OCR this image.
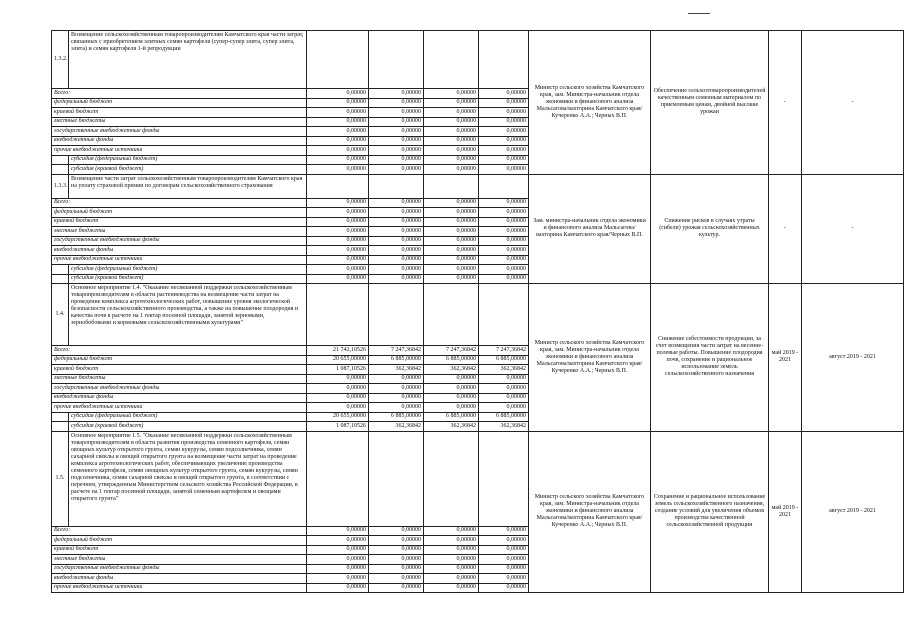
1.3.2.	Возмещение сельскохозяйственным товаропроизводителям Камчатского края части затрат, связанных с приобретением элитных семян картофеля (супер-супер элита, супер элита, элита) и семян картофеля 1-й репродукции					Министр сельского хозяйства Камчатского края, зам. Министра-начальник отдела экономики и финансового анализа Мальсагова/вахторина Камчатского края/Кучеренко А.А.; Черных В.П.	Обеспечение сельхозтоваропроизводителей качественным семенным материалом по приемлемым ценам, двойной высокие урожаи	-	-
Всего:		0,00000	0,00000	0,00000	0,00000				
федеральный бюджет		0,00000	0,00000	0,00000	0,00000				
краевой бюджет		0,00000	0,00000	0,00000	0,00000				
местные бюджеты		0,00000	0,00000	0,00000	0,00000				
государственные внебюджетные фонды		0,00000	0,00000	0,00000	0,00000				
внебюджетные фонды		0,00000	0,00000	0,00000	0,00000				
прочие внебюджетные источники		0,00000	0,00000	0,00000	0,00000				
	субсидия (федеральный бюджет)	0,00000	0,00000	0,00000	0,00000				
	субсидия (краевой бюджет)	0,00000	0,00000	0,00000	0,00000				
1.3.3.	Возмещение части затрат сельскохозяйственным товаропроизводителям Камчатского края на уплату страховой премии по договорам сельскохозяйственного страхования					Зам. министра-начальник отдела экономики и финансового анализа Мальсагова/вахторина Камчатского края/Черных В.П.	Снижение рисков в случаях утраты (гибели) урожая сельскохозяйственных культур.	-	-
Всего:		0,00000	0,00000	0,00000	0,00000				
федеральный бюджет		0,00000	0,00000	0,00000	0,00000				
краевой бюджет		0,00000	0,00000	0,00000	0,00000				
местные бюджеты		0,00000	0,00000	0,00000	0,00000				
государственные внебюджетные фонды		0,00000	0,00000	0,00000	0,00000				
внебюджетные фонды		0,00000	0,00000	0,00000	0,00000				
прочие внебюджетные источники		0,00000	0,00000	0,00000	0,00000				
	субсидия (федеральный бюджет)	0,00000	0,00000	0,00000	0,00000				
	субсидия (краевой бюджет)	0,00000	0,00000	0,00000	0,00000				
1.4.	Основное мероприятие 1.4. "Оказание несвязанной поддержки сельскохозяйственным товаропроизводителям в области растениеводства на возмещение части затрат на проведение комплекса агротехнологических работ, повышение уровня экологической безопасности сельскохозяйственного производства, а также на повышение плодородия и качества почв в расчете на 1 гектар посевной площади, занятой зерновыми, зернобобовыми и кормовыми сельскохозяйственными культурами"					Министр сельского хозяйства Камчатского края, зам. Министра-начальник отдела экономики и финансового анализа Мальсагова/вахторина Камчатского края/Кучеренко А.А.; Черных В.П.	Снижение себестоимости продукции, за счет возмещения части затрат на весенне-полевые работы. Повышение плодородия почв, сохранение и рациональное использование земель сельскохозяйственного назначения	май 2019 - 2021	август 2019 - 2021
Всего:		21 742,10526	7 247,36842	7 247,36842	7 247,36842				
федеральный бюджет		20 655,00000	6 885,00000	6 885,00000	6 885,00000				
краевой бюджет		1 087,10526	362,36842	362,36842	362,36842				
местные бюджеты		0,00000	0,00000	0,00000	0,00000				
государственные внебюджетные фонды		0,00000	0,00000	0,00000	0,00000				
внебюджетные фонды		0,00000	0,00000	0,00000	0,00000				
прочие внебюджетные источники		0,00000	0,00000	0,00000	0,00000				
	субсидия (федеральный бюджет)	20 655,00000	6 885,00000	6 885,00000	6 885,00000				
	субсидия (краевой бюджет)	1 087,10526	362,36842	362,36842	362,36842				
1.5.	Основное мероприятие 1.5. "Оказание несвязанной поддержки сельскохозяйственным товаропроизводителям в области развития производства семенного картофеля, семян овощных культур открытого грунта, семян кукурузы, семян подсолнечника, семян сахарной свеклы и овощей открытого грунта на возмещение части затрат на проведение комплекса агротехнологических работ, обеспечивающих увеличение производства семенного картофеля, семян овощных культур открытого грунта, семян кукурузы, семян подсолнечника, семян сахарной свеклы и овощей открытого грунта, в соответствии с перечнем, утвержденным Министерством сельского хозяйства Российской Федерации, в расчете на 1 гектар посевной площади, занятой семенным картофелем и овощами открытого грунта"					Министр сельского хозяйства Камчатского края, зам. Министра-начальник отдела экономики и финансового анализа Мальсагова/вахторина Камчатского края/Кучеренко А.А.; Черных В.П.	Сохранение и рациональное использование земель сельскохозяйственного назначения, создание условий для увеличения объемов производства качественной сельскохозяйственной продукции	май 2019 - 2021	август 2019 - 2021
Всего:		0,00000	0,00000	0,00000	0,00000				
федеральный бюджет		0,00000	0,00000	0,00000	0,00000				
краевой бюджет		0,00000	0,00000	0,00000	0,00000				
местные бюджеты		0,00000	0,00000	0,00000	0,00000				
государственные внебюджетные фонды		0,00000	0,00000	0,00000	0,00000				
внебюджетные фонды		0,00000	0,00000	0,00000	0,00000				
прочие внебюджетные источники		0,00000	0,00000	0,00000	0,00000				
